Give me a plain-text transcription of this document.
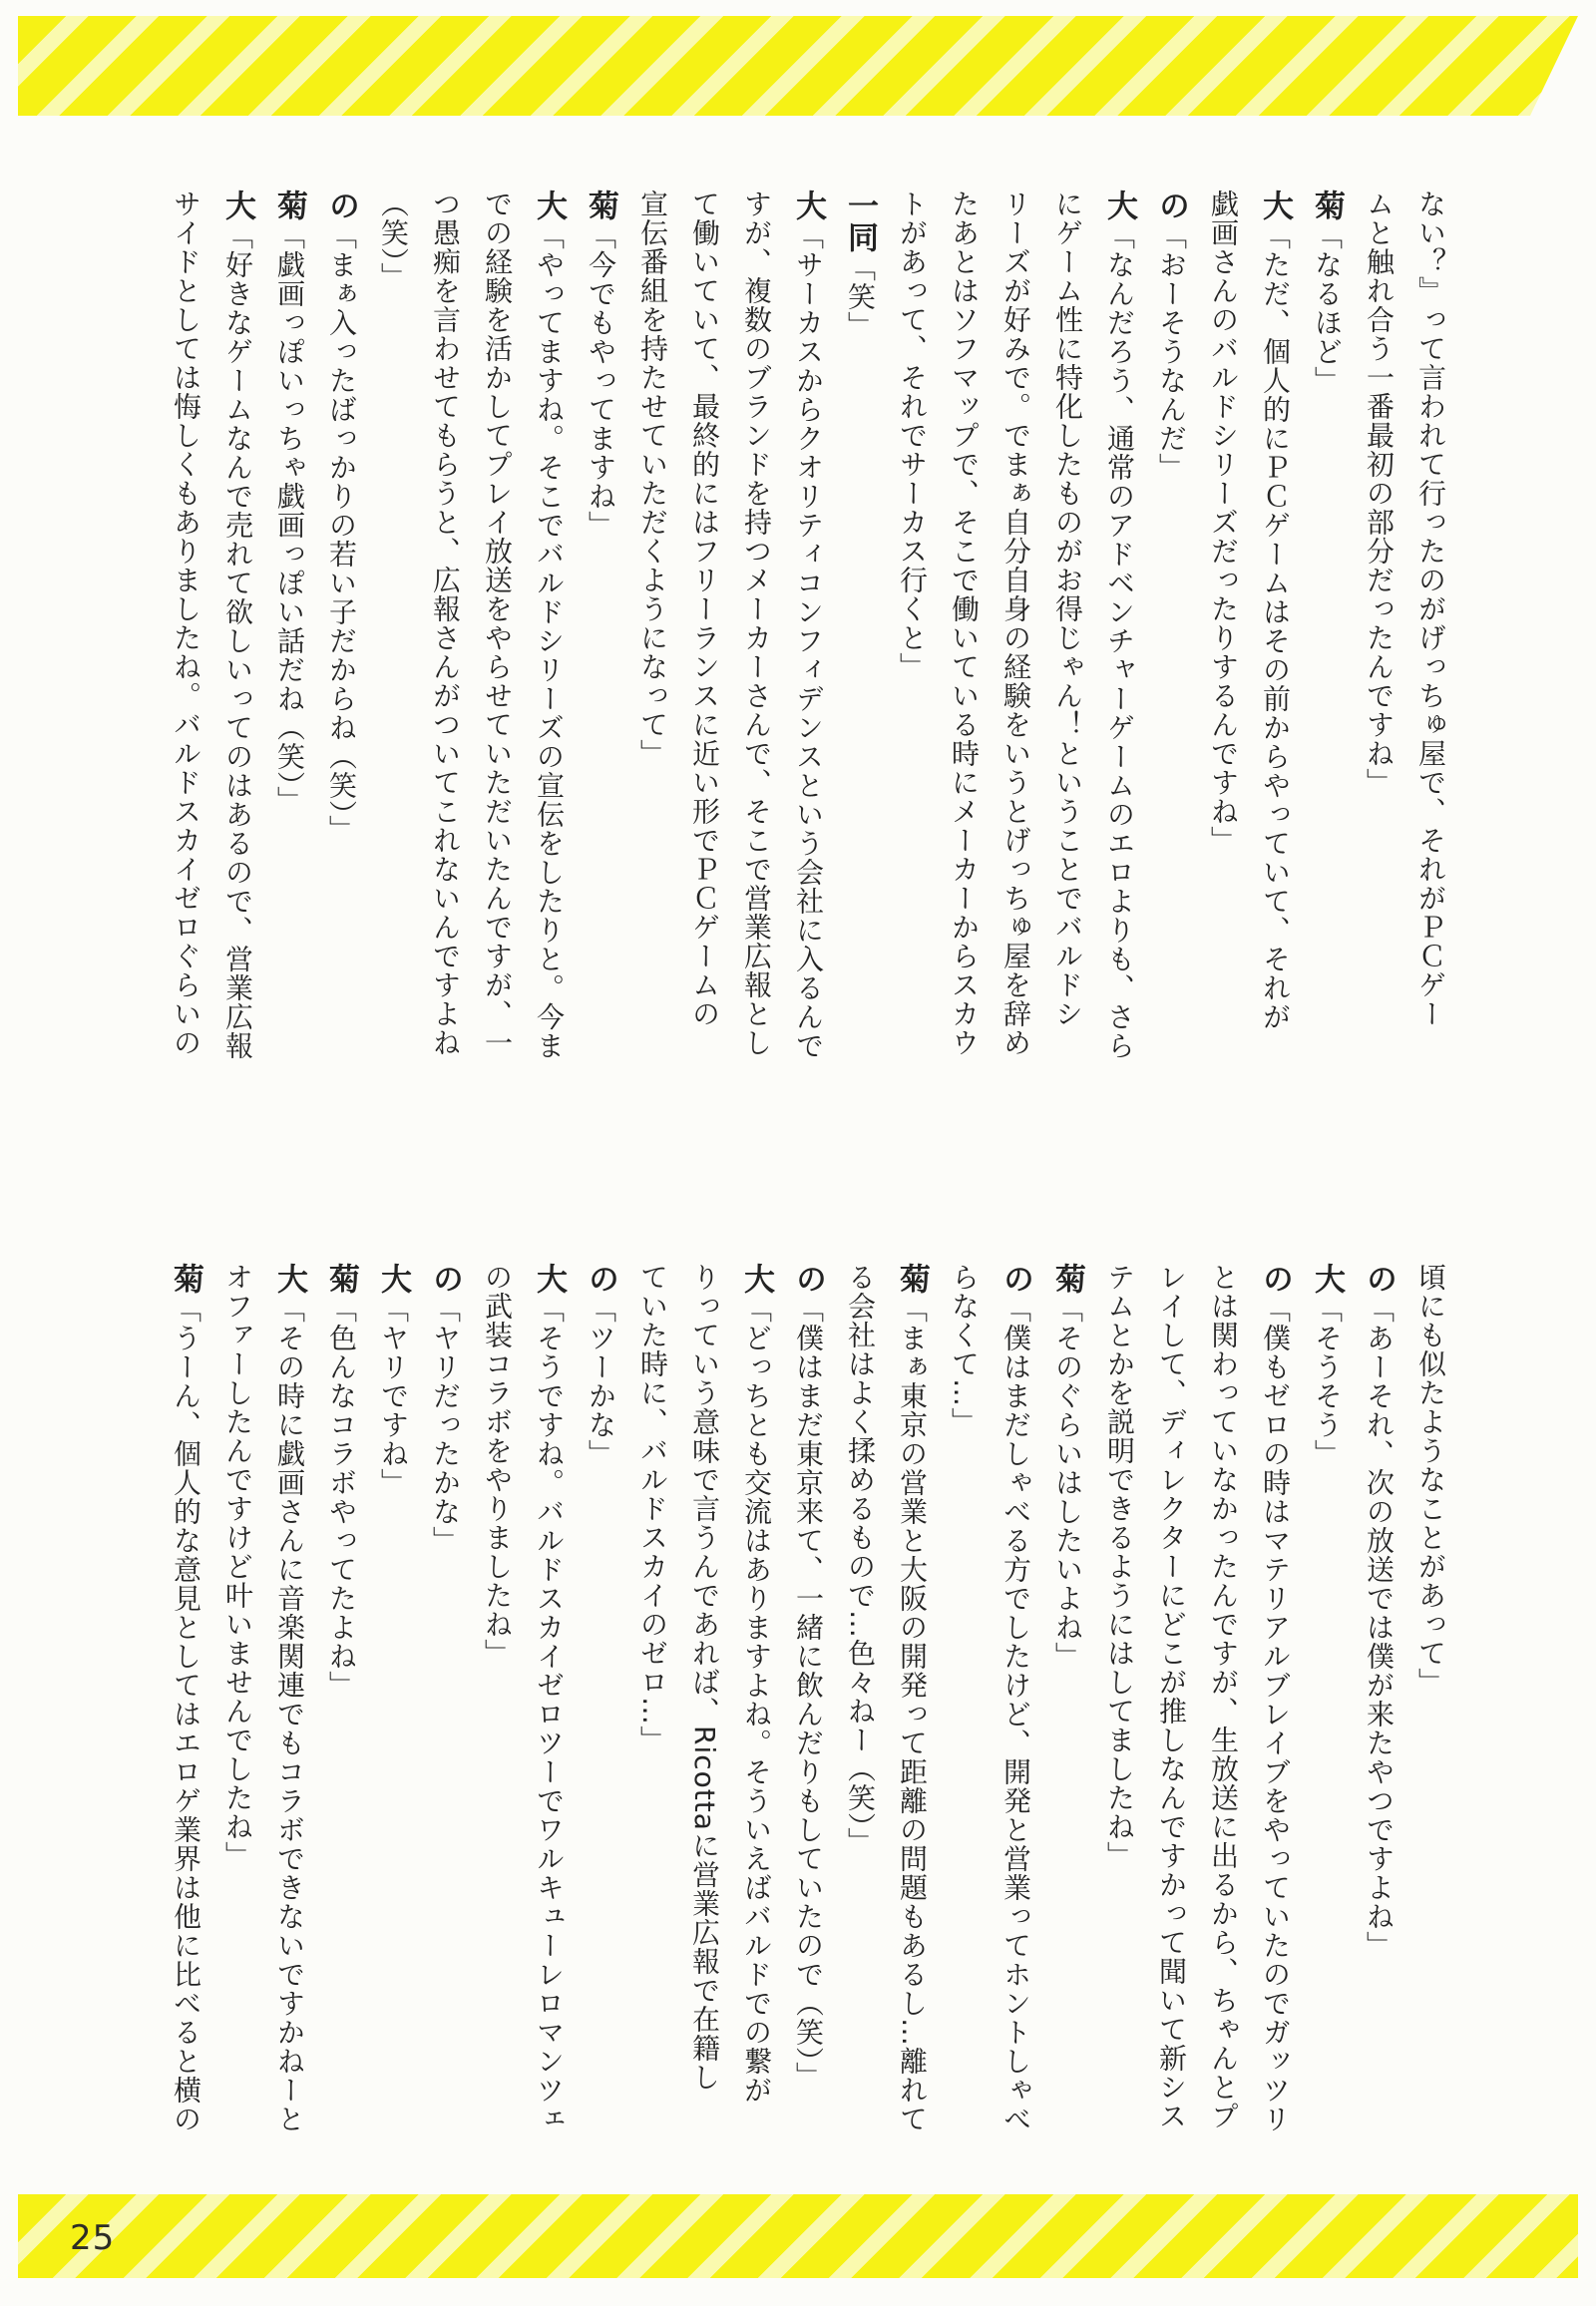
ない？』って言われて行ったのがげっちゅ屋で、それがＰＣゲー
ムと触れ合う一番最初の部分だったんですね」
菊「なるほど」
大「ただ、個人的にＰＣゲームはその前からやっていて、それが
戯画さんのバルドシリーズだったりするんですね」
の「おーそうなんだ」
大「なんだろう、通常のアドベンチャーゲームのエロよりも、さら
にゲーム性に特化したものがお得じゃん！ということでバルドシ
リーズが好みで。でまぁ自分自身の経験をいうとげっちゅ屋を辞め
たあとはソフマップで、そこで働いている時にメーカーからスカウ
トがあって、それでサーカス行くと」
一同「笑」
大「サーカスからクオリティコンフィデンスという会社に入るんで
すが、複数のブランドを持つメーカーさんで、そこで営業広報とし
て働いていて、最終的にはフリーランスに近い形でＰＣゲームの
宣伝番組を持たせていただくようになって」
菊「今でもやってますね」
大「やってますね。そこでバルドシリーズの宣伝をしたりと。今ま
での経験を活かしてプレイ放送をやらせていただいたんですが、一
つ愚痴を言わせてもらうと、広報さんがついてこれないんですよね
（笑）」
の「まぁ入ったばっかりの若い子だからね（笑）」
菊「戯画っぽいっちゃ戯画っぽい話だね（笑）」
大「好きなゲームなんで売れて欲しいってのはあるので、営業広報
サイドとしては悔しくもありましたね。バルドスカイゼロぐらいの
頃にも似たようなことがあって」
の「あーそれ、次の放送では僕が来たやつですよね」
大「そうそう」
の「僕もゼロの時はマテリアルブレイブをやっていたのでガッツリ
とは関わっていなかったんですが、生放送に出るから、ちゃんとプ
レイして、ディレクターにどこが推しなんですかって聞いて新シス
テムとかを説明できるようにはしてましたね」
菊「そのぐらいはしたいよね」
の「僕はまだしゃべる方でしたけど、開発と営業ってホントしゃべ
らなくて…」
菊「まぁ東京の営業と大阪の開発って距離の問題もあるし…離れて
る会社はよく揉めるもので…色々ねー（笑）」
の「僕はまだ東京来て、一緒に飲んだりもしていたので（笑）」
大「どっちとも交流はありますよね。そういえばバルドでの繋が
りっていう意味で言うんであれば、Ricottaに営業広報で在籍し
ていた時に、バルドスカイのゼロ…」
の「ツーかな」
大「そうですね。バルドスカイゼロツーでワルキューレロマンツェ
の武装コラボをやりましたね」
の「ヤリだったかな」
大「ヤリですね」
菊「色んなコラボやってたよね」
大「その時に戯画さんに音楽関連でもコラボできないですかねーと
オファーしたんですけど叶いませんでしたね」
菊「うーん、個人的な意見としてはエロゲ業界は他に比べると横の
25
